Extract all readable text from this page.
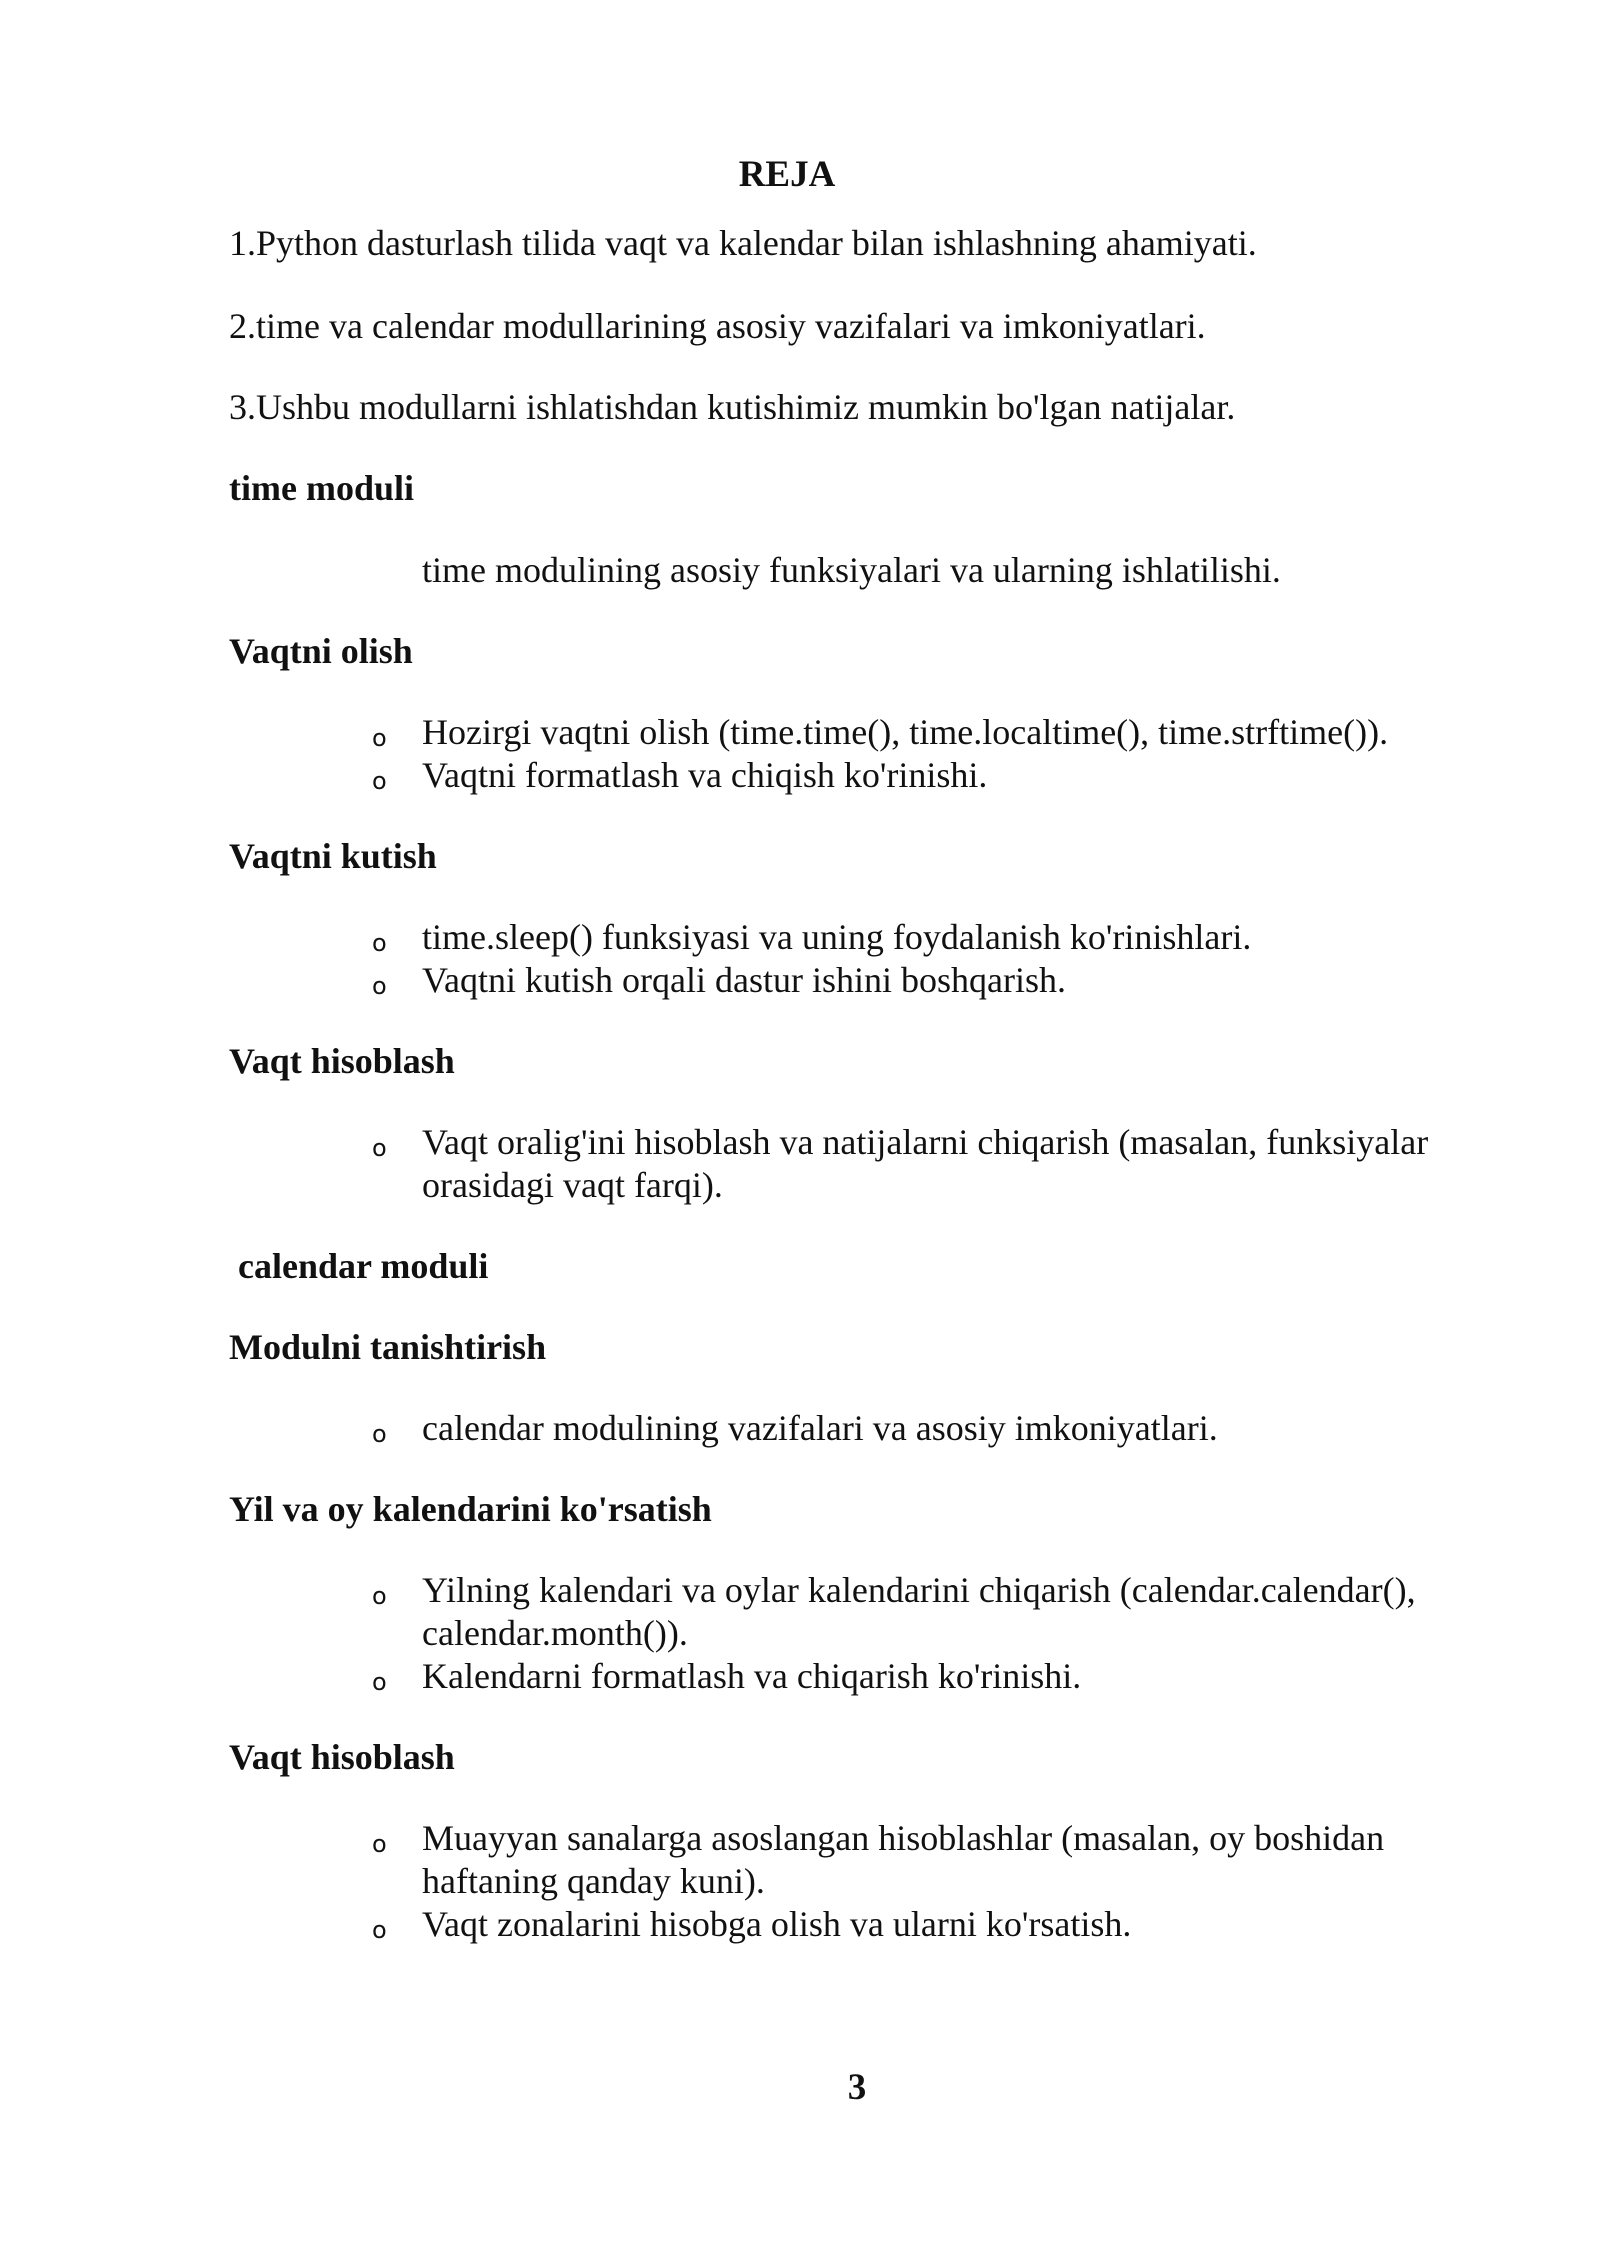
REJA
1.Python dasturlash tilida vaqt va kalendar bilan ishlashning ahamiyati.
2.time va calendar modullarining asosiy vazifalari va imkoniyatlari.
3.Ushbu modullarni ishlatishdan kutishimiz mumkin bo'lgan natijalar.
time moduli
time modulining asosiy funksiyalari va ularning ishlatilishi.
Vaqtni olish
o Hozirgi vaqtni olish (time.time(), time.localtime(), time.strftime()).
o Vaqtni formatlash va chiqish ko'rinishi.
Vaqtni kutish
o time.sleep() funksiyasi va uning foydalanish ko'rinishlari.
o Vaqtni kutish orqali dastur ishini boshqarish.
Vaqt hisoblash
o Vaqt oralig'ini hisoblash va natijalarni chiqarish (masalan, funksiyalar orasidagi vaqt farqi).
calendar moduli
Modulni tanishtirish
o calendar modulining vazifalari va asosiy imkoniyatlari.
Yil va oy kalendarini ko'rsatish
o Yilning kalendari va oylar kalendarini chiqarish (calendar.calendar(), calendar.month()).
o Kalendarni formatlash va chiqarish ko'rinishi.
Vaqt hisoblash
o Muayyan sanalarga asoslangan hisoblashlar (masalan, oy boshidan haftaning qanday kuni).
o Vaqt zonalarini hisobga olish va ularni ko'rsatish.
3
